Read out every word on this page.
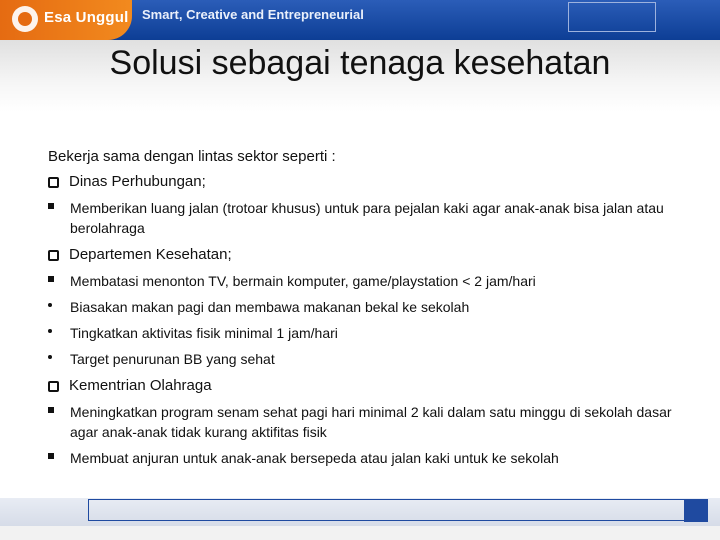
Esa Unggul Smart, Creative and Entrepreneurial
Solusi sebagai tenaga kesehatan
Bekerja sama dengan lintas sektor seperti :
Dinas Perhubungan;
Memberikan luang jalan (trotoar khusus) untuk para pejalan kaki agar anak-anak bisa jalan atau berolahraga
Departemen Kesehatan;
Membatasi menonton TV, bermain komputer, game/playstation < 2 jam/hari
Biasakan makan pagi dan membawa makanan bekal ke sekolah
Tingkatkan aktivitas fisik minimal 1 jam/hari
Target penurunan BB yang sehat
Kementrian Olahraga
Meningkatkan program senam sehat pagi hari minimal 2 kali dalam satu minggu di sekolah dasar agar anak-anak tidak kurang aktifitas fisik
Membuat anjuran untuk anak-anak bersepeda atau jalan kaki untuk ke sekolah
